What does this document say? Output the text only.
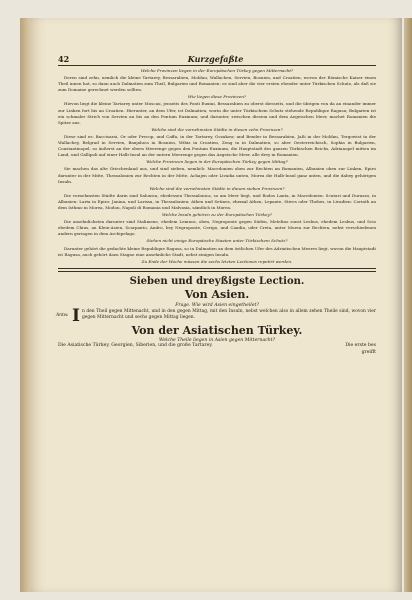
42	Kurzgefaßte
Welche Provinzen liegen in der Europäischen Türkey gegen Mitternacht?
Deren sind zehn, nemlich die kleine Tartarey, Bessarabien, Moldau, Wallachen, Servien, Bosnien, und Croatien, wovon der Römische Kaiser einen Theil innen hat, so dann auch Dalmatien zum Theil, Bulgarien und Romanien: es sind aber die vier ersten ehender unter Türkischen Schutz, als daß sie zum Domaine gerechnet werden sollten.
Wie liegen diese Provinzen?
Hievon liegt die kleine Tartarey unter Moscau, jenseits des Ponti Euxini, Bessarabien zu oberst diesseits, und die übrigen von da an einander immer zur Linken fort bis an Croatien. Hierunter, an dem Ufer, ist Dalmatien, worin die unter Türkischem Schutz stehende Republique Ragusa; Bulgarien ist ein schmaler Strich von Servien an bis an den Pontum Euxinum; und darunter, zwischen diesem und dem Aegeischen Meer, machet Romanien die Spitze aus.
Welche sind die vornehmsten Städte in diesen zehn Provinzen?
Diese sind es: Baccisarai, Or oder Precop, und Caffa, in der Tartarey, Oczakow, und Bender in Bessarabien, Jaßi in der Moldau, Tergowist in der Wallachey, Belgrad in Servien, Banjaluca in Bosnien, Wihiz in Croatien, Zeng in in Dalmatien, so aber Oesterreichisch, Sophia in Bulgarien, Constantinopel, so äußerst an der obern Meerenge gegen den Pontum Euxinum, die Hauptstadt des ganzen Türkischen Reichs, Adrianopel mitten im Land, und Gallipoli auf einer Halb-Insul an der untern Meerenge gegen das Aegeische Meer, alle drey in Romanien.
Welche Provinzen liegen in der Europäischen Türkey gegen Mittag?
Sie machen das alte Griechenland aus, und sind sieben, nemlich: Macedonien oben zur Rechten an Romanien, Albanien oben zur Linken, Epiro darunter in der Mitte, Thessalonien zur Rechten in der Mitte, Achajen oder Livadia unten, Morea die Halb-Insul ganz unten, und die dabey gehörigen Insuln.
Welche sind die vornehmsten Städte in diesen sieben Provinzen?
Die vornehmsten Städte darin sind Salonica, ehedessen Thessalonica, so am Meer liegt, und Rodos Lanta, in Macedonien: Scutari und Durazzo, in Albanien: Larta in Epiro: Janina, und Larissa, in Thessalonien: Athen und Setines, ehemal Athen, Lepante, Stives oder Thebes, in Livadien: Corinth an dem Isthmo in Morea, Modon, Napoli di Romania und Malvasia, sämtlich in Morea.
Welche Insuln gehören zu der Europäischen Türkey?
Die ansehnlichsten darunter sind Stalimene, ehedem Lemnos, oben, Negroponte gegen Süden, Metelino sonst Lesbus, ehedem Lesbus, und Scio ehedem Chius, an Klein-Asien, Scarpanto, Andro, bey Negroponte, Cerigo, und Candia, oder Creta, unter Morea zur Rechten, nebst verschiedenen andern geringen in dem Archipelago.
Stehen nicht einige Europäische Staaten unter Türkischem Schutz?
Darunter gehört die gedachte kleine Republique Ragusa, so in Dalmatien an dem östlichen Ufer des Adriatischen Meeres liegt, wovon die Hauptstadt ist Ragusa, auch gehört dazu Stagno eine ansehnliche Stadt, nebst einigen Insuln.
Zu Ende der Woche müssen die sechs letzten Lectiones repetirt werden.
Sieben und dreyßigste Lection.
Von Asien.
Frage. Wie wird Asien eingetheilet?
Antw. I n den Theil gegen Mittenacht, und in den gegen Mittag, mit den Insuln, nebst welchen also in allem zehen Theile sind, wovon vier gegen Mitternacht und sechs gegen Mittag liegen.
Von der Asiatischen Türkey.
Welche Theile liegen in Asien gegen Mitternacht?
Die Asiatische Türkey, Georgien, Siberien, und die große Tartarey.	Die erste bes
greifft
